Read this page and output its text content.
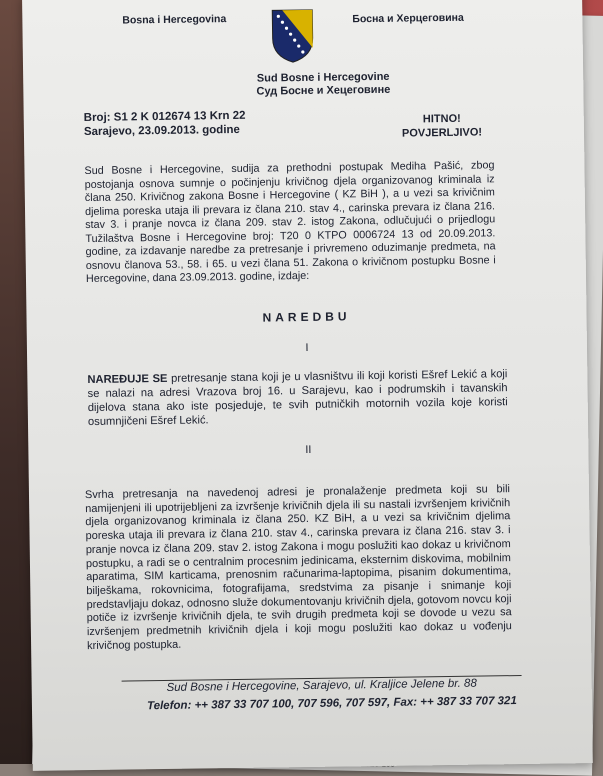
Bosna i Hercegovina	Босна и Херцеговина
Sud Bosne i Hercegovine
Суд Босне и Хецеговине
Broj: S1 2 K 012674 13 Krn 22
Sarajevo, 23.09.2013. godine
HITNO!
POVJERLJIVO!
Sud Bosne i Hercegovine, sudija za prethodni postupak Mediha Pašić, zbog postojanja osnova sumnje o počinjenju krivičnog djela organizovanog kriminala iz člana 250. Krivičnog zakona Bosne i Hercegovine ( KZ BiH ), a u vezi sa krivičnim djelima poreska utaja ili prevara iz člana 210. stav 4., carinska prevara iz člana 216. stav 3. i pranje novca iz člana 209. stav 2. istog Zakona, odlučujući o prijedlogu Tužilaštva Bosne i Hercegovine broj: T20 0 KTPO 0006724 13 od 20.09.2013. godine, za izdavanje naredbe za pretresanje i privremeno oduzimanje predmeta, na osnovu članova 53., 58. i 65. u vezi člana 51. Zakona o krivičnom postupku Bosne i Hercegovine, dana 23.09.2013. godine, izdaje:
NAREDBU
I
NAREĐUJE SE pretresanje stana koji je u vlasništvu ili koji koristi Ešref Lekić a koji se nalazi na adresi Vrazova broj 16. u Sarajevu, kao i podrumskih i tavanskih dijelova stana ako iste posjeduje, te svih putničkih motornih vozila koje koristi osumnjičeni Ešref Lekić.
II
Svrha pretresanja na navedenoj adresi je pronalaženje predmeta koji su bili namijenjeni ili upotrijebljeni za izvršenje krivičnih djela ili su nastali izvršenjem krivičnih djela organizovanog kriminala iz člana 250. KZ BiH, a u vezi sa krivičnim djelima poreska utaja ili prevara iz člana 210. stav 4., carinska prevara iz člana 216. stav 3. i pranje novca iz člana 209. stav 2. istog Zakona i mogu poslužiti kao dokaz u krivičnom postupku, a radi se o centralnim procesnim jedinicama, eksternim diskovima, mobilnim aparatima, SIM karticama, prenosnim računarima-laptopima, pisanim dokumentima, bilješkama, rokovnicima, fotografijama, sredstvima za pisanje i snimanje koji predstavljaju dokaz, odnosno služe dokumentovanju krivičnih djela, gotovom novcu koji potiče iz izvršenje krivičnih djela, te svih drugih predmeta koji se dovode u vezu sa izvršenjem predmetnih krivičnih djela i koji mogu poslužiti kao dokaz u vođenju krivičnog postupka.
Sud Bosne i Hercegovine, Sarajevo, ul. Kraljice Jelene br. 88
Telefon: ++ 387 33 707 100, 707 596, 707 597, Fax: ++ 387 33 707 321
